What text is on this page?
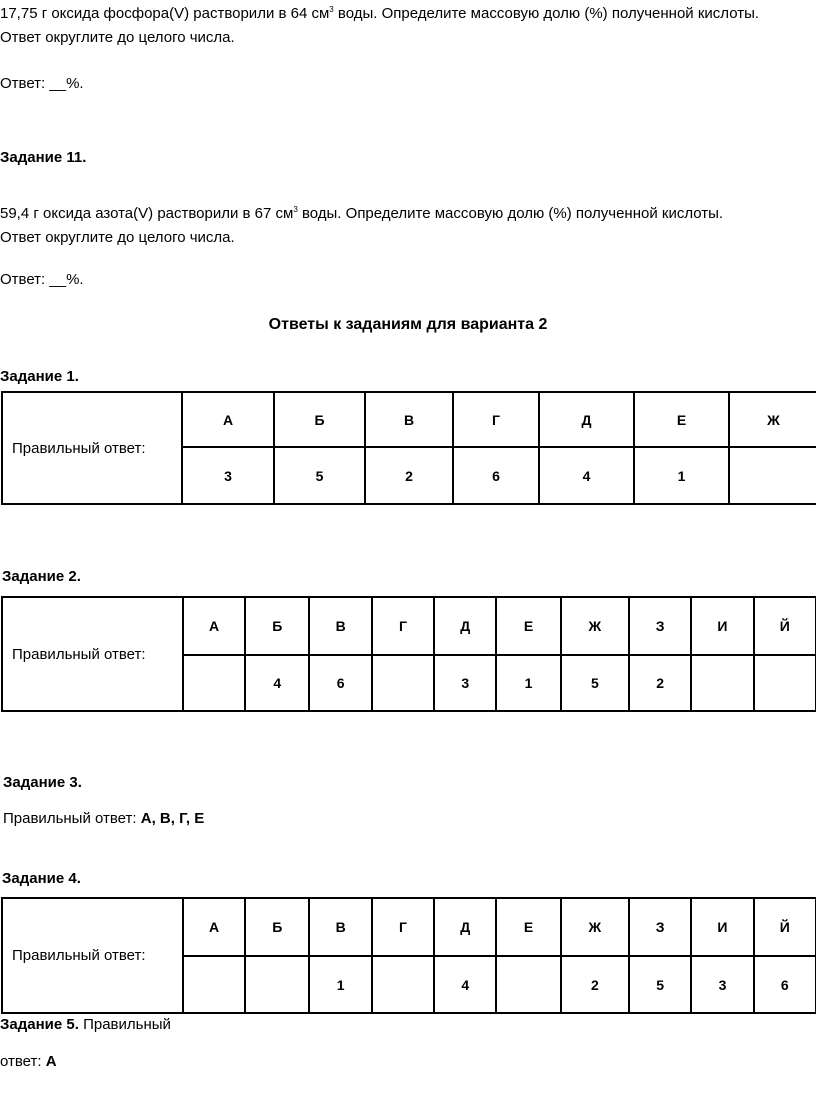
17,75 г оксида фосфора(V) растворили в 64 $см^3$ воды. Определите массовую долю (%) полученной кислоты.
Ответ округлите до целого числа.
Ответ: __%.
Задание 11.
59,4 г оксида азота(V) растворили в 67 $см^3$ воды. Определите массовую долю (%) полученной кислоты.
Ответ округлите до целого числа.
Ответ: __%.
Ответы к заданиям для варианта 2
Задание 1.
Правильный ответ:	А	Б	В	Г	Д	Е	Ж
	3	5	2	6	4	1	
Задание 2.
Правильный ответ:	А	Б	В	Г	Д	Е	Ж	З	И	Й
		4	6		3	1	5	2		
Задание 3.
Правильный ответ: А, В, Г, Е
Задание 4.
Правильный ответ:	А	Б	В	Г	Д	Е	Ж	З	И	Й
			1		4		2	5	3	6
Задание 5. Правильный
ответ: А
